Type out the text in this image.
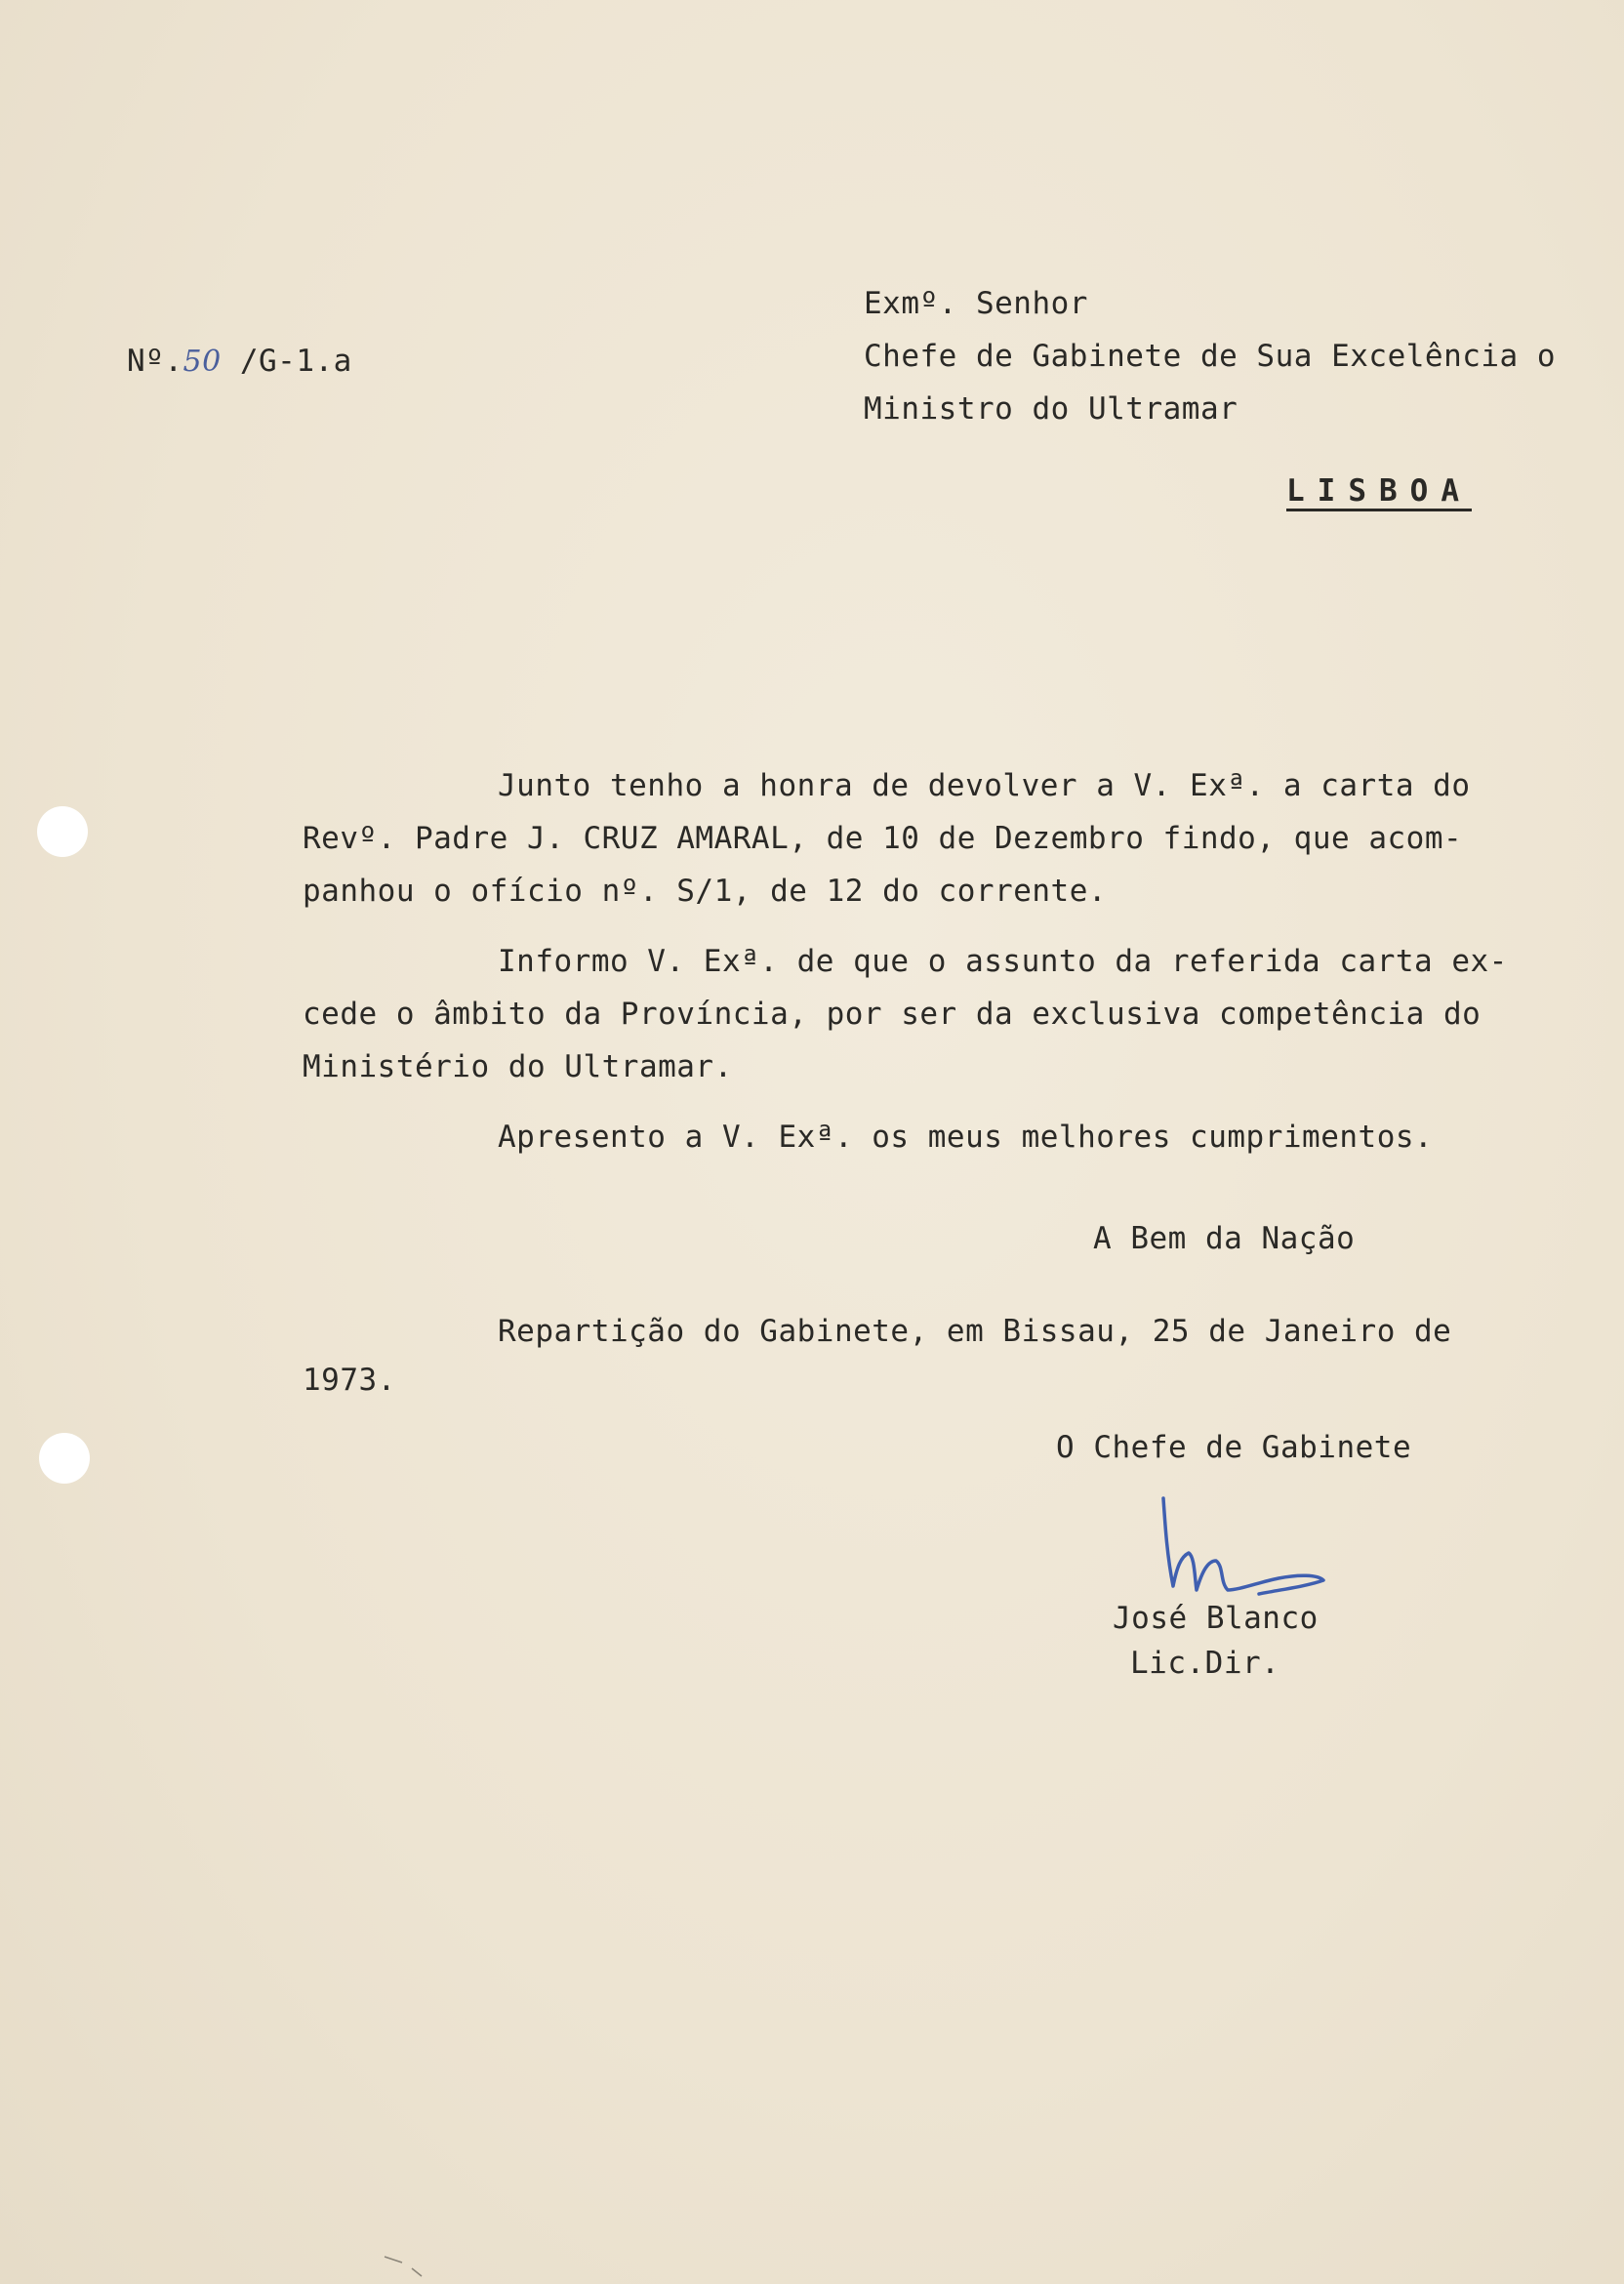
Nº.50 /G-1.a
Exmº. Senhor
Chefe de Gabinete de Sua Excelência o
Ministro do Ultramar
LISBOA
Junto tenho a honra de devolver a V. Exª. a carta do
Revº. Padre J. CRUZ AMARAL, de 10 de Dezembro findo, que acom-
panhou o ofício nº. S/1, de 12 do corrente.
Informo V. Exª. de que o assunto da referida carta ex-
cede o âmbito da Província, por ser da exclusiva competência do
Ministério do Ultramar.
Apresento a V. Exª. os meus melhores cumprimentos.
A Bem da Nação
Repartição do Gabinete, em Bissau, 25 de Janeiro de
1973.
O Chefe de Gabinete
José Blanco
Lic.Dir.
